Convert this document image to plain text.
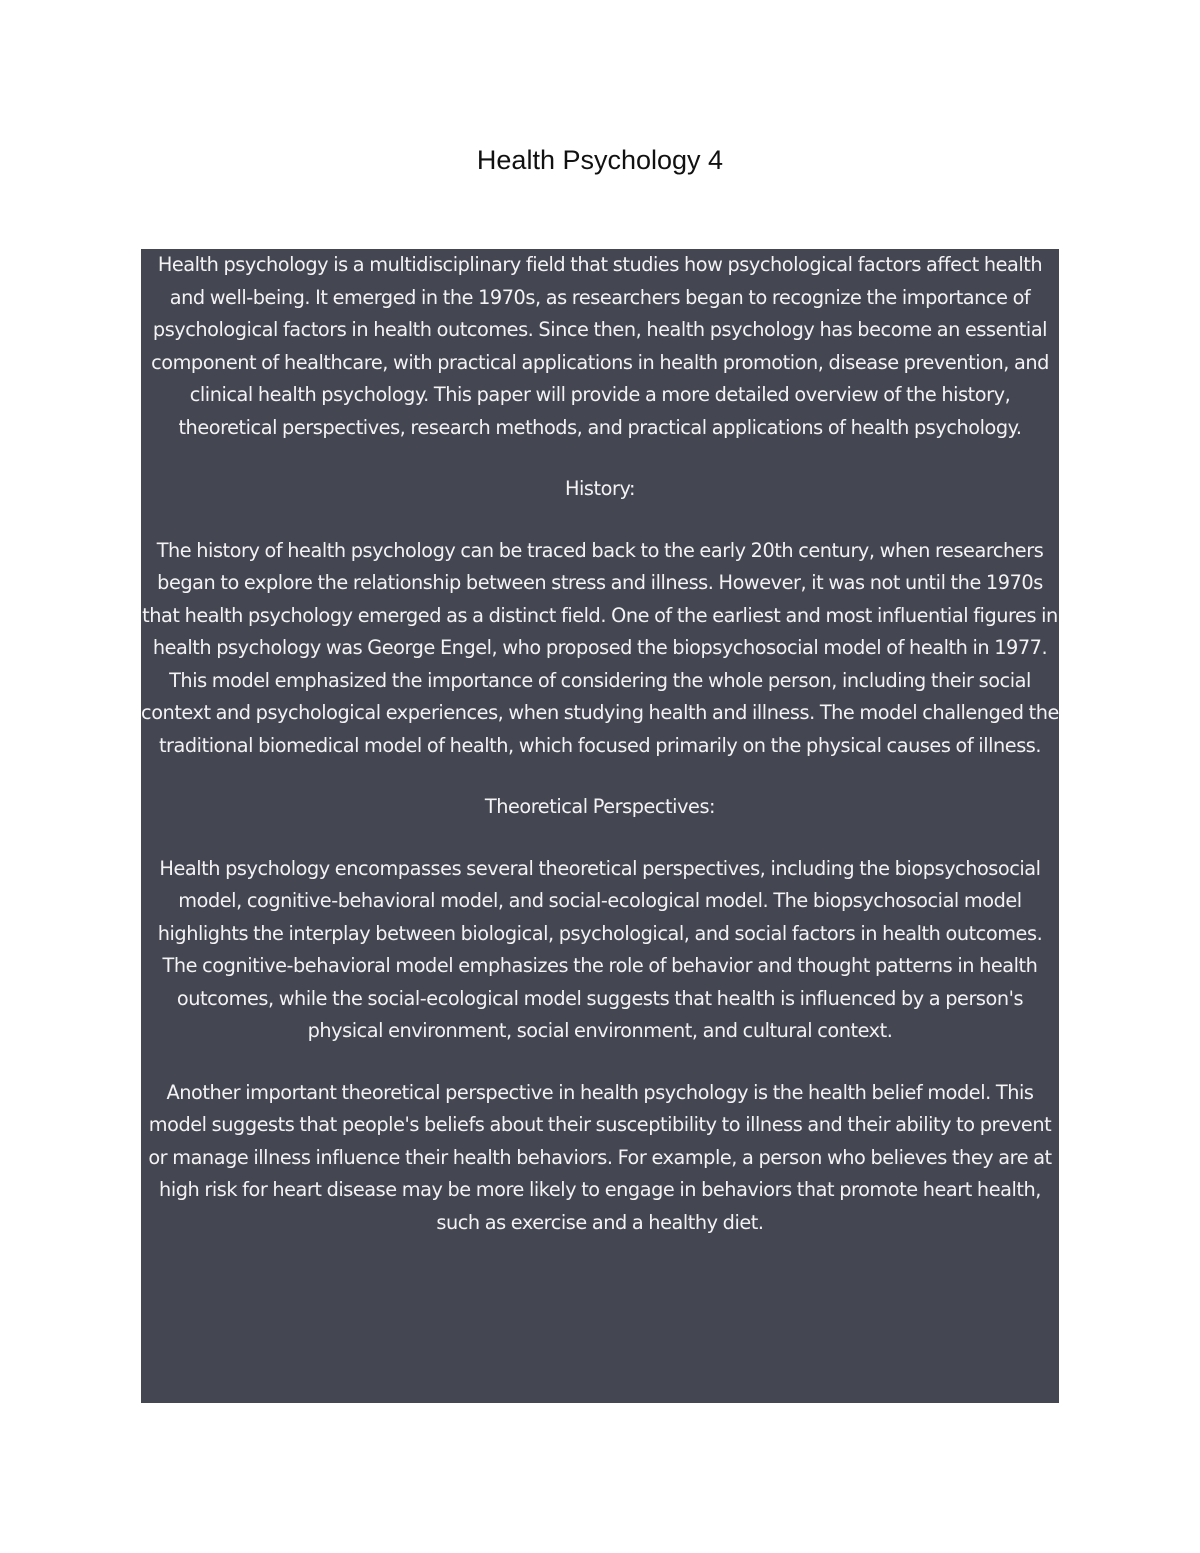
Health Psychology 4

Health psychology is a multidisciplinary field that studies how psychological factors affect health and well-being. It emerged in the 1970s, as researchers began to recognize the importance of psychological factors in health outcomes. Since then, health psychology has become an essential component of healthcare, with practical applications in health promotion, disease prevention, and clinical health psychology. This paper will provide a more detailed overview of the history, theoretical perspectives, research methods, and practical applications of health psychology.

History:

The history of health psychology can be traced back to the early 20th century, when researchers began to explore the relationship between stress and illness. However, it was not until the 1970s that health psychology emerged as a distinct field. One of the earliest and most influential figures in health psychology was George Engel, who proposed the biopsychosocial model of health in 1977. This model emphasized the importance of considering the whole person, including their social context and psychological experiences, when studying health and illness. The model challenged the traditional biomedical model of health, which focused primarily on the physical causes of illness.

Theoretical Perspectives:

Health psychology encompasses several theoretical perspectives, including the biopsychosocial model, cognitive-behavioral model, and social-ecological model. The biopsychosocial model highlights the interplay between biological, psychological, and social factors in health outcomes. The cognitive-behavioral model emphasizes the role of behavior and thought patterns in health outcomes, while the social-ecological model suggests that health is influenced by a person's physical environment, social environment, and cultural context.

Another important theoretical perspective in health psychology is the health belief model. This model suggests that people's beliefs about their susceptibility to illness and their ability to prevent or manage illness influence their health behaviors. For example, a person who believes they are at high risk for heart disease may be more likely to engage in behaviors that promote heart health, such as exercise and a healthy diet.
